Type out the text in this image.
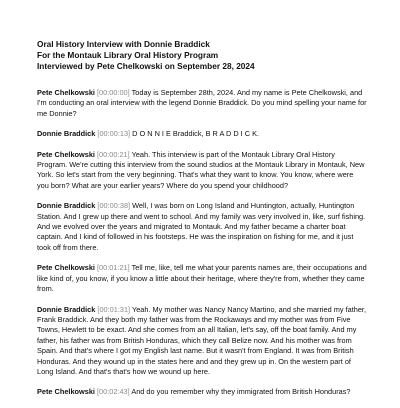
Oral History Interview with Donnie Braddick

For the Montauk Library Oral History Program

Interviewed by Pete Chelkowski on September 28, 2024

Pete Chelkowski [00:00:00] Today is September 28th, 2024. And my name is Pete Chelkowski, and I'm conducting an oral interview with the legend Donnie Braddick. Do you mind spelling your name for me Donnie?

Donnie Braddick [00:00:13] D O N N I E Braddick, B R A D D I C K.

Pete Chelkowski [00:00:21] Yeah. This interview is part of the Montauk Library Oral History Program. We're cutting this interview from the sound studios at the Montauk Library in Montauk, New York. So let's start from the very beginning. That's what they want to know. You know, where were you born? What are your earlier years? Where do you spend your childhood?

Donnie Braddick [00:00:38] Well, I was born on Long Island and Huntington, actually, Huntington Station. And I grew up there and went to school. And my family was very involved in, like, surf fishing. And we evolved over the years and migrated to Montauk. And my father became a charter boat captain. And I kind of followed in his footsteps. He was the inspiration on fishing for me, and it just took off from there.

Pete Chelkowski [00:01:21] Tell me, like, tell me what your parents names are, their occupations and like kind of, you know, if you know a little about their heritage, where they're from, whether they came from.

Donnie Braddick [00:01:31] Yeah. My mother was Nancy Nancy Martino, and she married my father, Frank Braddick. And they both my father was from the Rockaways and my mother was from Five Towns, Hewlett to be exact. And she comes from an all Italian, let's say, off the boat family. And my father, his father was from British Honduras, which they call Belize now. And his mother was from Spain. And that's where I got my English last name. But it wasn't from England. It was from British Honduras. And they wound up in the states here and and they grew up in. On the western part of Long Island. And that's that's how we wound up here.

Pete Chelkowski [00:02:43] And do you remember why they immigrated from British Honduras?
